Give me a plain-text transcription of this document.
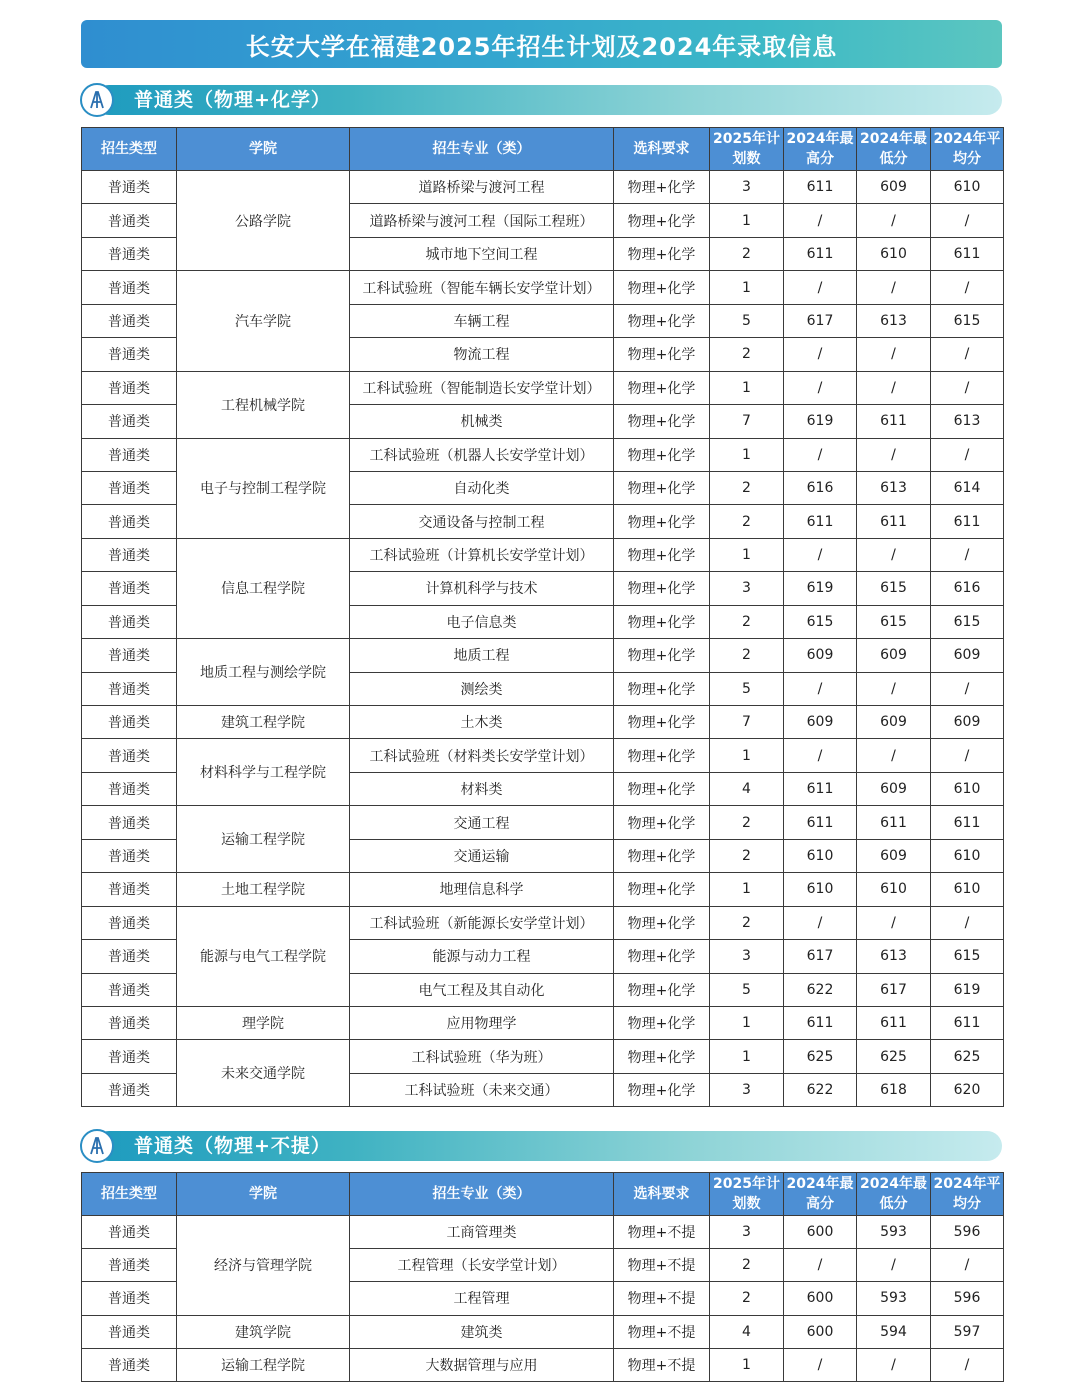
长安大学在福建2025年招生计划及2024年录取信息
普通类（物理+化学）
招生类型	学院	招生专业（类）	选科要求	2025年计划数	2024年最高分	2024年最低分	2024年平均分
普通类	公路学院	道路桥梁与渡河工程	物理+化学	3	611	609	610
普通类		道路桥梁与渡河工程（国际工程班）	物理+化学	1	/	/	/
普通类		城市地下空间工程	物理+化学	2	611	610	611
普通类	汽车学院	工科试验班（智能车辆长安学堂计划）	物理+化学	1	/	/	/
普通类		车辆工程	物理+化学	5	617	613	615
普通类		物流工程	物理+化学	2	/	/	/
普通类	工程机械学院	工科试验班（智能制造长安学堂计划）	物理+化学	1	/	/	/
普通类		机械类	物理+化学	7	619	611	613
普通类	电子与控制工程学院	工科试验班（机器人长安学堂计划）	物理+化学	1	/	/	/
普通类		自动化类	物理+化学	2	616	613	614
普通类		交通设备与控制工程	物理+化学	2	611	611	611
普通类	信息工程学院	工科试验班（计算机长安学堂计划）	物理+化学	1	/	/	/
普通类		计算机科学与技术	物理+化学	3	619	615	616
普通类		电子信息类	物理+化学	2	615	615	615
普通类	地质工程与测绘学院	地质工程	物理+化学	2	609	609	609
普通类		测绘类	物理+化学	5	/	/	/
普通类	建筑工程学院	土木类	物理+化学	7	609	609	609
普通类	材料科学与工程学院	工科试验班（材料类长安学堂计划）	物理+化学	1	/	/	/
普通类		材料类	物理+化学	4	611	609	610
普通类	运输工程学院	交通工程	物理+化学	2	611	611	611
普通类		交通运输	物理+化学	2	610	609	610
普通类	土地工程学院	地理信息科学	物理+化学	1	610	610	610
普通类	能源与电气工程学院	工科试验班（新能源长安学堂计划）	物理+化学	2	/	/	/
普通类		能源与动力工程	物理+化学	3	617	613	615
普通类		电气工程及其自动化	物理+化学	5	622	617	619
普通类	理学院	应用物理学	物理+化学	1	611	611	611
普通类	未来交通学院	工科试验班（华为班）	物理+化学	1	625	625	625
普通类		工科试验班（未来交通）	物理+化学	3	622	618	620
普通类（物理+不提）
招生类型	学院	招生专业（类）	选科要求	2025年计划数	2024年最高分	2024年最低分	2024年平均分
普通类	经济与管理学院	工商管理类	物理+不提	3	600	593	596
普通类		工程管理（长安学堂计划）	物理+不提	2	/	/	/
普通类		工程管理	物理+不提	2	600	593	596
普通类	建筑学院	建筑类	物理+不提	4	600	594	597
普通类	运输工程学院	大数据管理与应用	物理+不提	1	/	/	/
